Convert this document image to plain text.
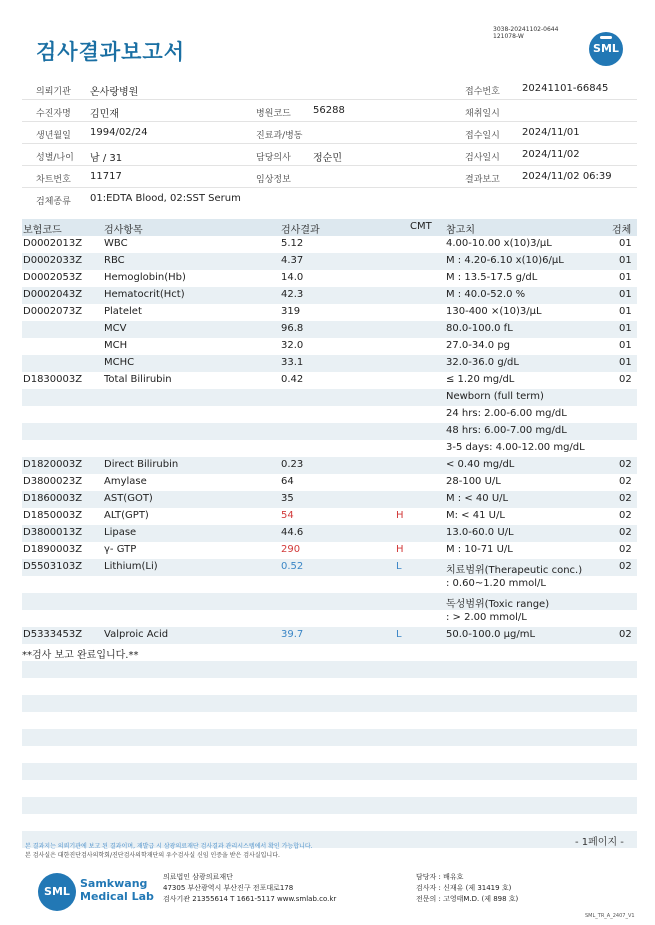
검사결과보고서
3038-20241102-0644
121078-W
SML
의뢰기관 온사랑병원	접수번호 20241101-66845
수진자명 김민재	병원코드 56288	채취일시
생년월일 1994/02/24	진료과/병동	접수일시 2024/11/01
성별/나이 남 / 31	담당의사 정순민	검사일시 2024/11/02
차트번호 11717	임상정보	결과보고 2024/11/02 06:39
검체종류 01:EDTA Blood, 02:SST Serum
보험코드	검사항목	검사결과	CMT 참고치	검체
D0002013Z WBC	5.12	4.00-10.00 x(10)3/μL	01
D0002033Z RBC	4.37	M : 4.20-6.10 x(10)6/μL	01
D0002053Z Hemoglobin(Hb)	14.0	M : 13.5-17.5 g/dL	01
D0002043Z Hematocrit(Hct)	42.3	M : 40.0-52.0 %	01
D0002073Z Platelet	319	130-400 ×(10)3/μL	01
MCV	96.8	80.0-100.0 fL	01
MCH	32.0	27.0-34.0 pg	01
MCHC	33.1	32.0-36.0 g/dL	01
D1830003Z Total Bilirubin	0.42	≤ 1.20 mg/dL	02
Newborn (full term)
24 hrs: 2.00-6.00 mg/dL
48 hrs: 6.00-7.00 mg/dL
3-5 days: 4.00-12.00 mg/dL
D1820003Z Direct Bilirubin	0.23	< 0.40 mg/dL	02
D3800023Z Amylase	64	28-100 U/L	02
D1860003Z AST(GOT)	35	M : < 40 U/L	02
D1850003Z ALT(GPT)	54	H	M: < 41 U/L	02
D3800013Z Lipase	44.6	13.0-60.0 U/L	02
D1890003Z γ- GTP	290	H	M : 10-71 U/L	02
D5503103Z Lithium(Li)	0.52	L	치료범위(Therapeutic conc.)	02
: 0.60~1.20 mmol/L
독성범위(Toxic range)
: > 2.00 mmol/L
D5333453Z Valproic Acid	39.7	L	50.0-100.0 μg/mL	02
**검사 보고 완료입니다.**
본 결과지는 의뢰기관에 보고 된 결과이며, 재발급 시 삼광의료재단 검사결과 관리시스템에서 확인 가능합니다.
본 검사실은 대한진단검사의학회/진단검사의학재단의 우수검사실 신임 인증을 받은 검사실입니다.
- 1페이지 -
SML
Samkwang
Medical Lab
의료법인 삼광의료재단
47305 부산광역시 부산진구 전포대로178
검사기관 21355614 T 1661-5117 www.smlab.co.kr
담당자 : 배유호
검사자 : 신재유 (제 31419 호)
전문의 : 고영태M.D. (제 898 호)
SML_TR_A_2407_V1
